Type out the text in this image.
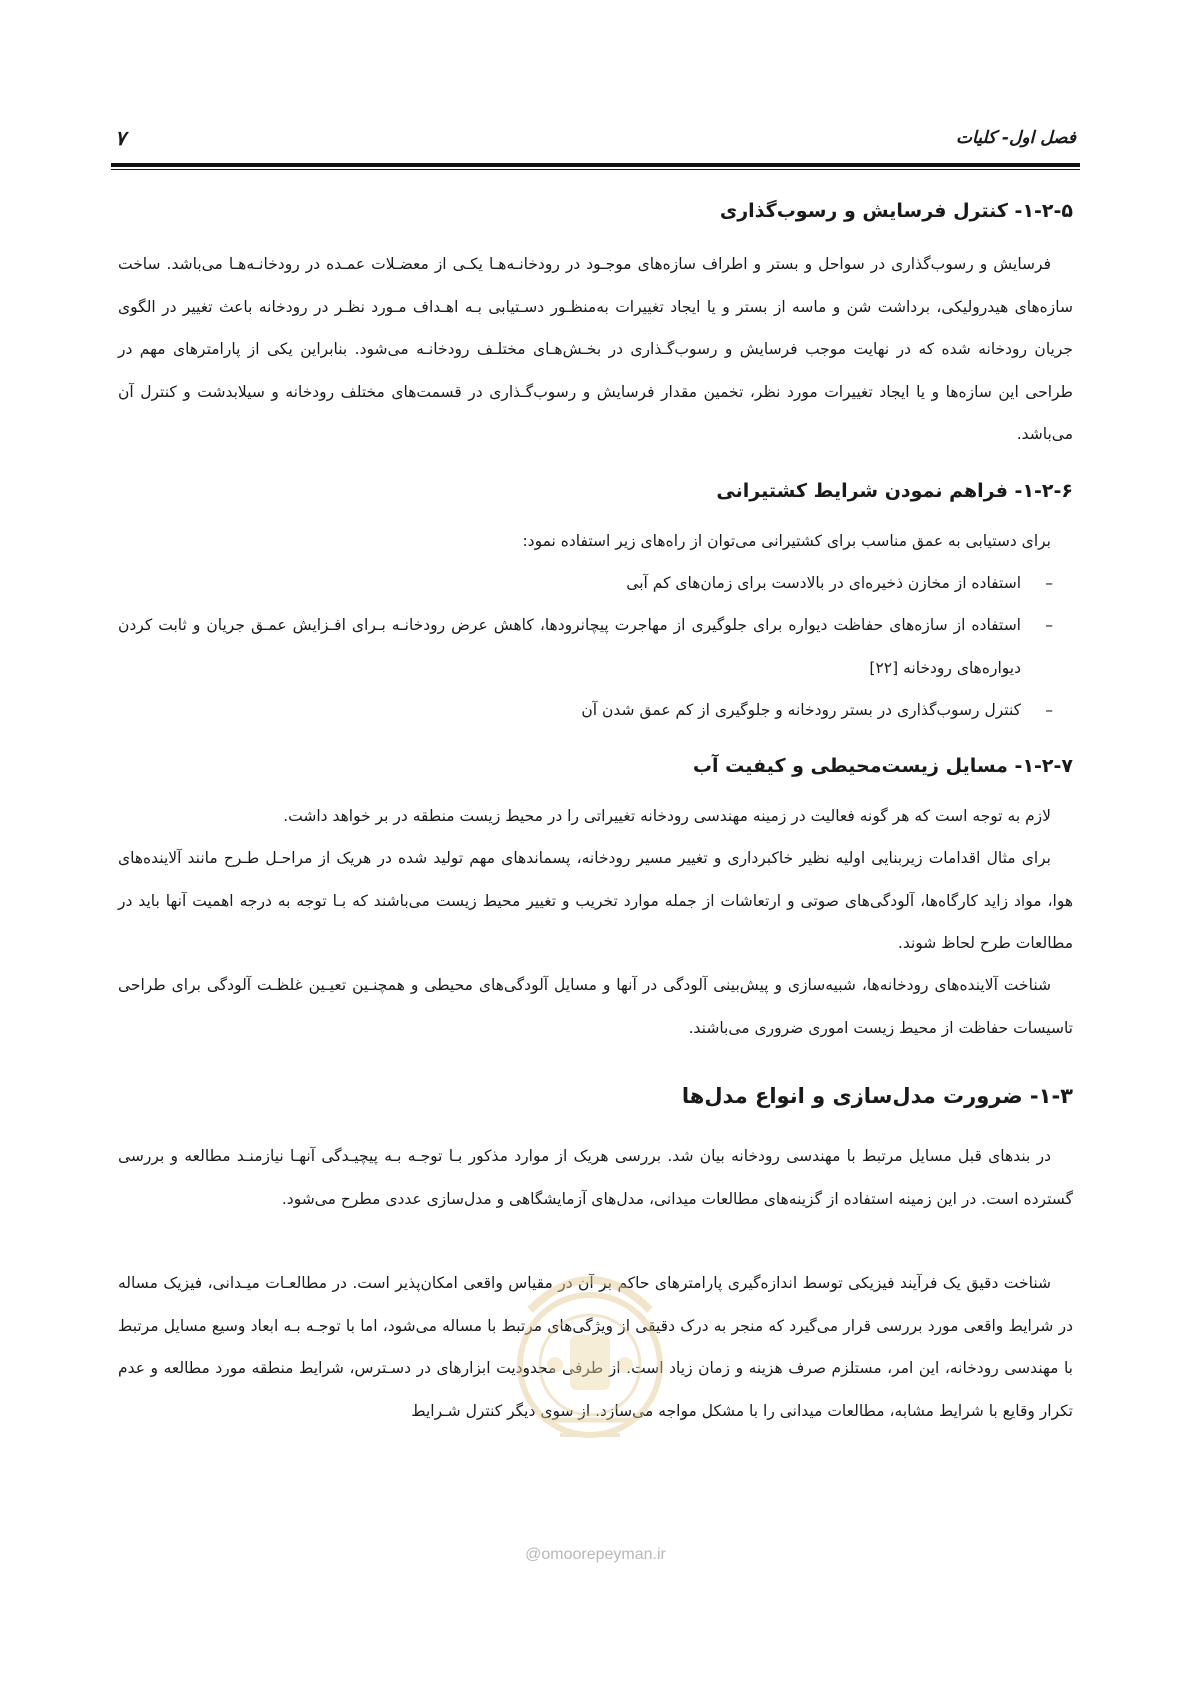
فصل اول- کلیات
۷
۱-۲-۵- کنترل فرسایش و رسوب‌گذاری
فرسایش و رسوب‌گذاری در سواحل و بستر و اطراف سازه‌های موجـود در رودخانـه‌هـا یکـی از معضـلات عمـده در رودخانـه‌هـا می‌باشد. ساخت سازه‌های هیدرولیکی، برداشت شن و ماسه از بستر و یا ایجاد تغییرات به‌منظـور دسـتیابی بـه اهـداف مـورد نظـر در رودخانه باعث تغییر در الگوی جریان رودخانه شده که در نهایت موجب فرسایش و رسوب‌گـذاری در بخـش‌هـای مختلـف رودخانـه می‌شود. بنابراین یکی از پارامترهای مهم در طراحی این سازه‌ها و یا ایجاد تغییرات مورد نظر، تخمین مقدار فرسایش و رسوب‌گـذاری در قسمت‌های مختلف رودخانه و سیلابدشت و کنترل آن می‌باشد.
۱-۲-۶- فراهم نمودن شرایط کشتیرانی
برای دستیابی به عمق مناسب برای کشتیرانی می‌توان از راه‌های زیر استفاده نمود:
–
استفاده از مخازن ذخیره‌ای در بالادست برای زمان‌های کم آبی
–
استفاده از سازه‌های حفاظت دیواره برای جلوگیری از مهاجرت پیچانرودها، کاهش عرض رودخانـه بـرای افـزایش عمـق جریان و ثابت کردن دیواره‌های رودخانه [۲۲]
–
کنترل رسوب‌گذاری در بستر رودخانه و جلوگیری از کم عمق شدن آن
۱-۲-۷- مسایل زیست‌محیطی و کیفیت آب
لازم به توجه است که هر گونه فعالیت در زمینه مهندسی رودخانه تغییراتی را در محیط زیست منطقه در بر خواهد داشت.
برای مثال اقدامات زیربنایی اولیه نظیر خاکبرداری و تغییر مسیر رودخانه، پسماندهای مهم تولید شده در هریک از مراحـل طـرح مانند آلاینده‌های هوا، مواد زاید کارگاه‌ها، آلودگی‌های صوتی و ارتعاشات از جمله موارد تخریب و تغییر محیط زیست می‌باشند که بـا توجه به درجه اهمیت آنها باید در مطالعات طرح لحاظ شوند.
شناخت آلاینده‌های رودخانه‌ها، شبیه‌سازی و پیش‌بینی آلودگی در آنها و مسایل آلودگی‌های محیطی و همچنـین تعیـین غلظـت آلودگی برای طراحی تاسیسات حفاظت از محیط زیست اموری ضروری می‌باشند.
۱-۳- ضرورت مدل‌سازی و انواع مدل‌ها
در بندهای قبل مسایل مرتبط با مهندسی رودخانه بیان شد. بررسی هریک از موارد مذکور بـا توجـه بـه پیچیـدگی آنهـا نیازمنـد مطالعه و بررسی گسترده است. در این زمینه استفاده از گزینه‌های مطالعات میدانی، مدل‌های آزمایشگاهی و مدل‌سازی عددی مطرح می‌شود.
شناخت دقیق یک فرآیند فیزیکی توسط اندازه‌گیری پارامترهای حاکم بر آن در مقیاس واقعی امکان‌پذیر است. در مطالعـات میـدانی، فیزیک مساله در شرایط واقعی مورد بررسی قرار می‌گیرد که منجر به درک دقیقی از ویژگی‌های مرتبط با مساله می‌شود، اما با توجـه بـه ابعاد وسیع مسایل مرتبط با مهندسی رودخانه، این امر، مستلزم صرف هزینه و زمان زیاد است. از طرفی محدودیت ابزارهای در دسـترس، شرایط منطقه مورد مطالعه و عدم تکرار وقایع با شرایط مشابه، مطالعات میدانی را با مشکل مواجه می‌سازد. از سوی دیگر کنترل شـرایط
@omoorepeyman.ir
